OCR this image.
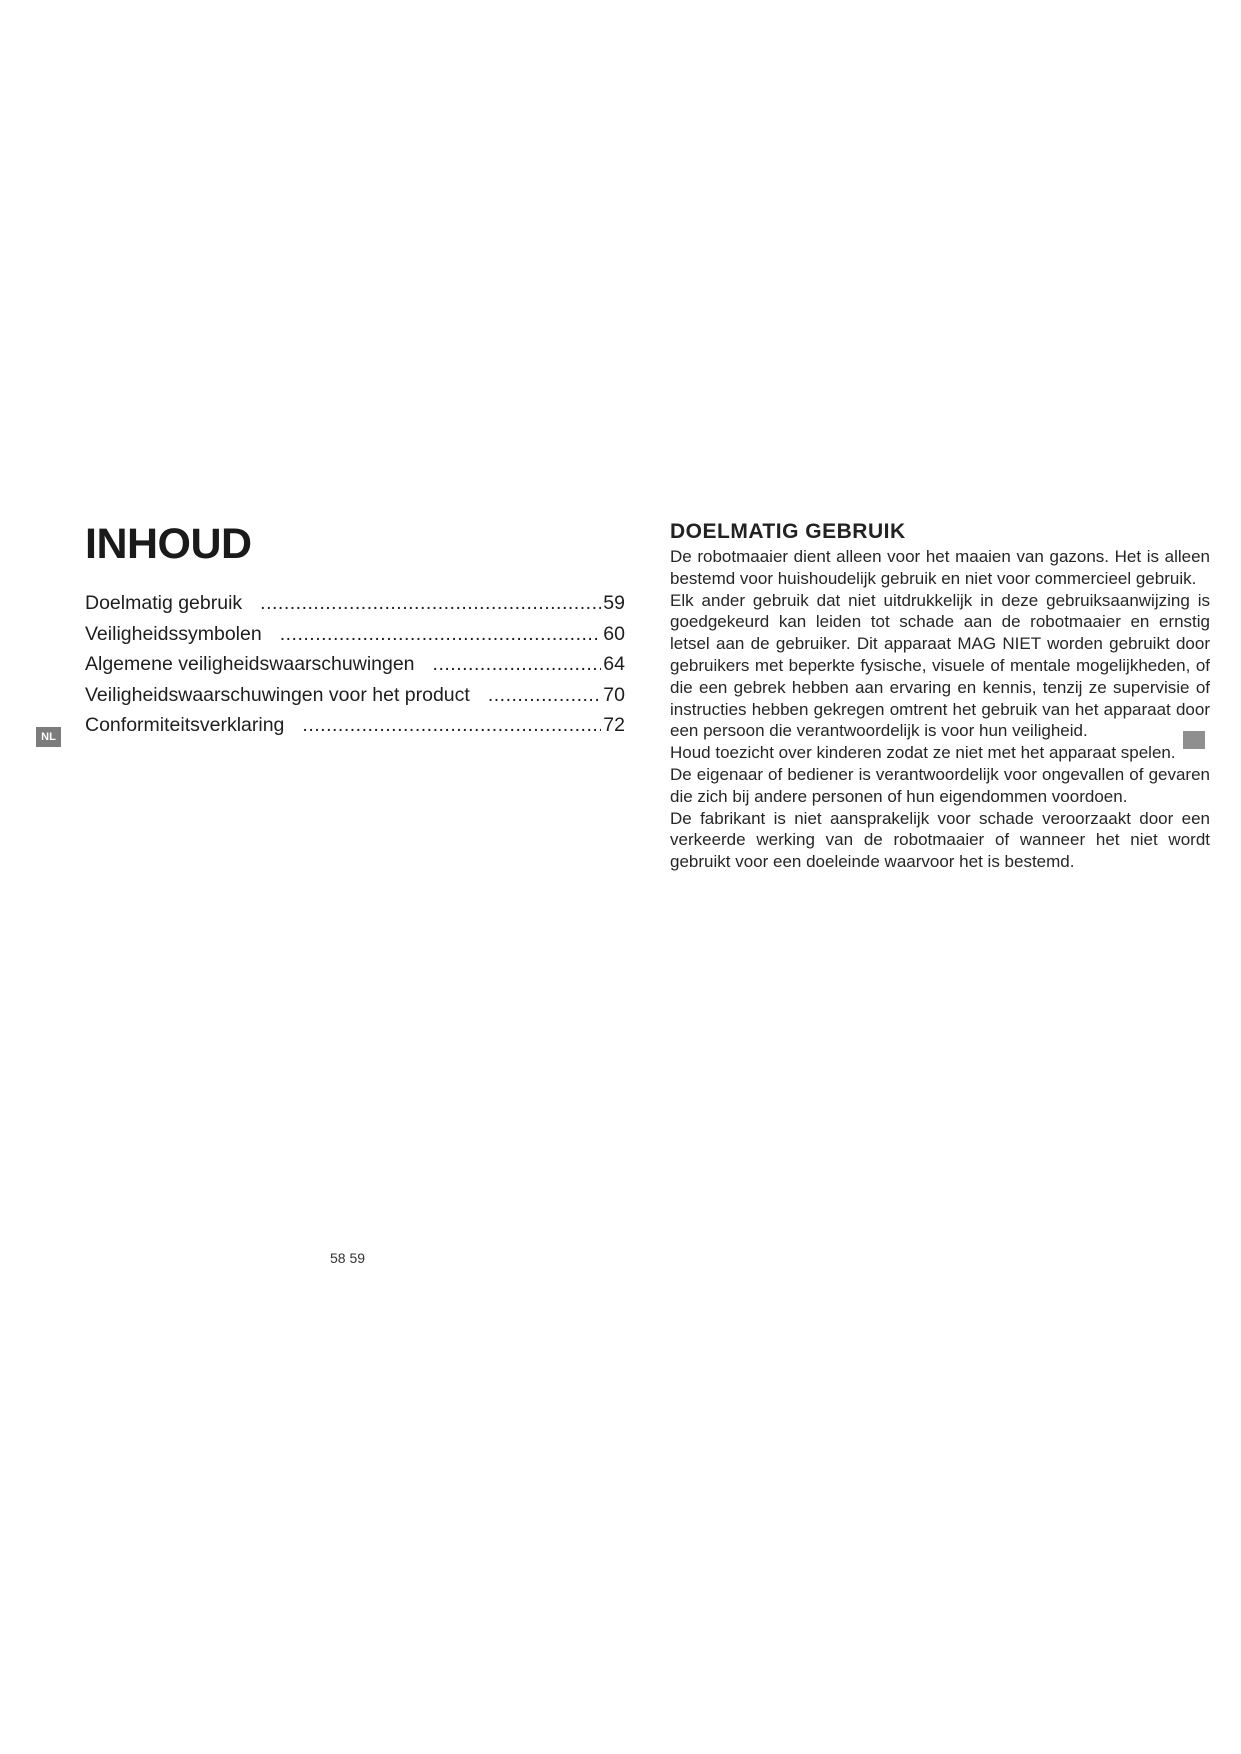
INHOUD
Doelmatig gebruik .....	59
Veiligheidssymbolen .....	60
Algemene veiligheidswaarschuwingen .....	64
Veiligheidswaarschuwingen voor het product .....	70
Conformiteitsverklaring .....	72
NL
58 59
DOELMATIG GEBRUIK

De robotmaaier dient alleen voor het maaien van gazons. Het is alleen bestemd voor huishoudelijk gebruik en niet voor commercieel gebruik.

Elk ander gebruik dat niet uitdrukkelijk in deze gebruiksaanwijzing is goedgekeurd kan leiden tot schade aan de robotmaaier en ernstig letsel aan de gebruiker. Dit apparaat MAG NIET worden gebruikt door gebruikers met beperkte fysische, visuele of mentale mogelijkheden, of die een gebrek hebben aan ervaring en kennis, tenzij ze supervisie of instructies hebben gekregen omtrent het gebruik van het apparaat door een persoon die verantwoordelijk is voor hun veiligheid.

Houd toezicht over kinderen zodat ze niet met het apparaat spelen.

De eigenaar of bediener is verantwoordelijk voor ongevallen of gevaren die zich bij andere personen of hun eigendommen voordoen.

De fabrikant is niet aansprakelijk voor schade veroorzaakt door een verkeerde werking van de robotmaaier of wanneer het niet wordt gebruikt voor een doeleinde waarvoor het is bestemd.
